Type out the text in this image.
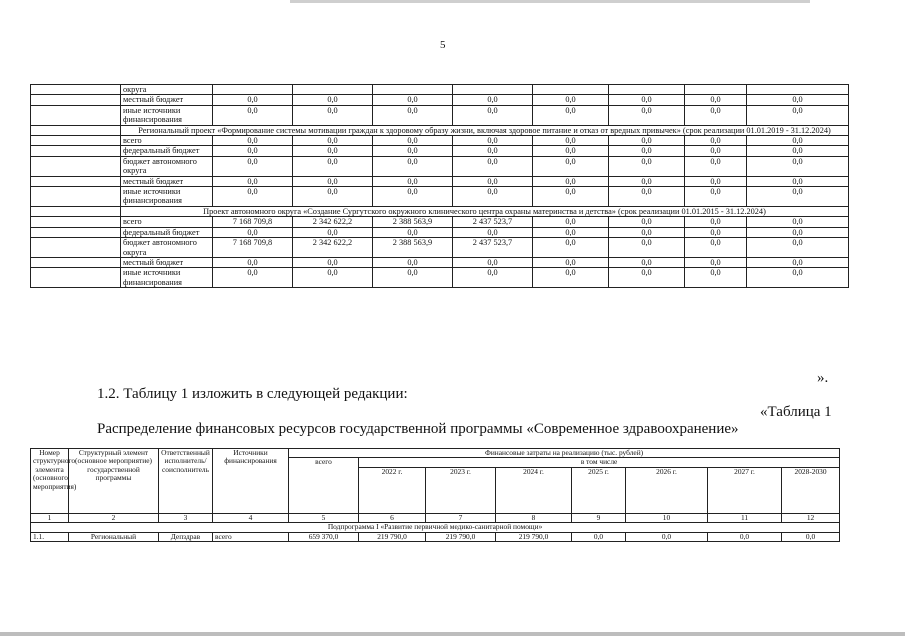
5
	округа								
	местный бюджет	0,0	0,0	0,0	0,0	0,0	0,0	0,0	0,0
	иные источники финансирования	0,0	0,0	0,0	0,0	0,0	0,0	0,0	0,0
	Региональный проект «Формирование системы мотивации граждан к здоровому образу жизни, включая здоровое питание и отказ от вредных привычек» (срок реализации 01.01.2019 - 31.12.2024)								
	всего	0,0	0,0	0,0	0,0	0,0	0,0	0,0	0,0
	федеральный бюджет	0,0	0,0	0,0	0,0	0,0	0,0	0,0	0,0
	бюджет автономного округа	0,0	0,0	0,0	0,0	0,0	0,0	0,0	0,0
	местный бюджет	0,0	0,0	0,0	0,0	0,0	0,0	0,0	0,0
	иные источники финансирования	0,0	0,0	0,0	0,0	0,0	0,0	0,0	0,0
	Проект автономного округа «Создание Сургутского окружного клинического центра охраны материнства и детства» (срок реализации 01.01.2015 - 31.12.2024)								
	всего	7 168 709,8	2 342 622,2	2 388 563,9	2 437 523,7	0,0	0,0	0,0	0,0
	федеральный бюджет	0,0	0,0	0,0	0,0	0,0	0,0	0,0	0,0
	бюджет автономного округа	7 168 709,8	2 342 622,2	2 388 563,9	2 437 523,7	0,0	0,0	0,0	0,0
	местный бюджет	0,0	0,0	0,0	0,0	0,0	0,0	0,0	0,0
	иные источники финансирования	0,0	0,0	0,0	0,0	0,0	0,0	0,0	0,0
».
1.2. Таблицу 1 изложить в следующей редакции:
«Таблица 1
Распределение финансовых ресурсов государственной программы «Современное здравоохранение»
Номер структурного элемента (основного мероприятия)	Структурный элемент (основное мероприятие) государственной программы	Ответственный исполнитель/соисполнитель	Источники финансирования	Финансовые затраты на реализацию (тыс. рублей)							
				всего	в том числе						
					2022 г.	2023 г.	2024 г.	2025 г.	2026 г.	2027 г.	2028-2030
1	2	3	4	5	6	7	8	9	10	11	12
Подпрограмма I «Развитие первичной медико-санитарной помощи»											
1.1.	Региональный	Депздрав	всего	659 370,0	219 790,0	219 790,0	219 790,0	0,0	0,0	0,0	0,0
